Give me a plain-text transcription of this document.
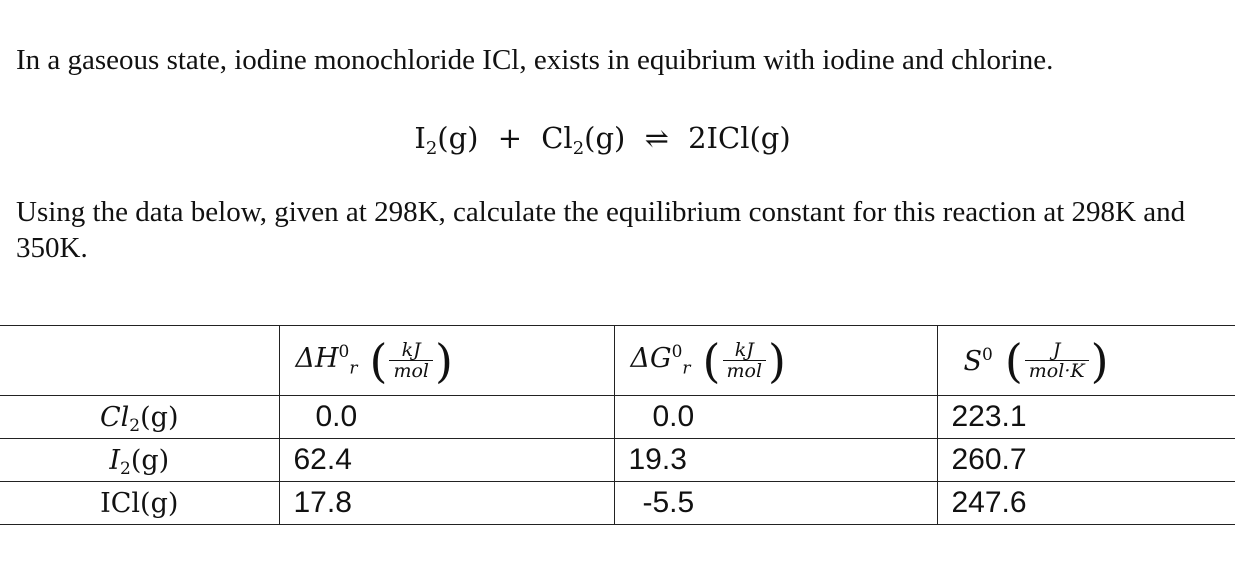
In a gaseous state, iodine monochloride ICl, exists in equibrium with iodine and chlorine.

$I_2(g) + Cl_2(g)$ ⇌ 2ICl(g)

Using the data below, given at 298K, calculate the equilibrium constant for this reaction at 298K and 350K.

	$\Delta H^0_r$ ( $\frac{kJ}{\text{mol}}$ )	$\Delta G^0_r$ ( $\frac{kJ}{\text{mol}}$ )	$S^0$ ( $\frac{J}{\text{mol·K}}$ )

$Cl_2(g)$	0.0	0.0	223.1
$I_2(g)$	62.4	19.3	260.7
ICl(g)	17.8	-5.5	247.6
